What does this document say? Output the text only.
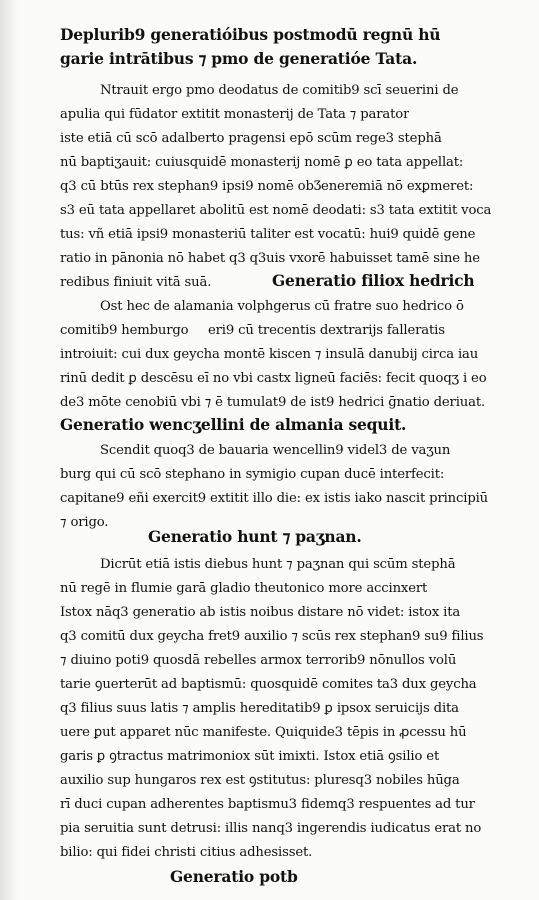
Deplurib9 generatióibus postmodū regnū hū
garie intrātibus ⁊ pmo de generatióe Tata.
Ntrauit ergo pmo deodatus de comitib9 scī seuerini de
apulia qui fūdator extitit monasterij de Tata ⁊ parator
iste etiā cū scō adalberto pragensi epō scūm rege3 stephā
nū baptiʒauit: cuiusquidē monasterij nomē ꝑ eo tata appellat:
q3 cū btūs rex stephan9 ipsi9 nomē obƷeneremiā nō exꝑmeret:
s3 eū tata appellaret abolitū est nomē deodati: s3 tata extitit voca
tus: vñ etiā ipsi9 monasteriū taliter est vocatū: hui9 quidē gene
ratio in pānonia nō habet q3 q3uis vxorē habuisset tamē sine he
redibus finiuit vitā suā.	Generatio filiox hedrich
Ost hec de alamania volphgerus cū fratre suo hedrico ō
comitib9 hemburgo eri9 cū trecentis dextrarijs falleratis
introiuit: cui dux geycha montē kiscen ⁊ insulā danubij circa iau
rinū dedit ꝑ descēsu eī no vbi castx ligneū faciēs: fecit quoqʒ i eo
de3 mōte cenobiū vbi ⁊ ē tumulat9 de ist9 hedrici ḡnatio deriuat.
Generatio wencʒellini de almania sequit.
Scendit quoq3 de bauaria wencellin9 videl3 de vaʒun
burg qui cū scō stephano in symigio cupan ducē interfecit:
capitane9 eñi exercit9 extitit illo die: ex istis iako nascit principiū
⁊ origo.
Generatio hunt ⁊ paʒnan.
Dicrūt etiā istis diebus hunt ⁊ paʒnan qui scūm stephā
nū regē in flumie garā gladio theutonico more accinxert
Istox nāq3 generatio ab istis noibus distare nō videt: istox ita
q3 comitū dux geycha fret9 auxilio ⁊ scūs rex stephan9 su9 filius
⁊ diuino poti9 quosdā rebelles armox terrorib9 nōnullos volū
tarie ꝯuerterūt ad baptismū: quosquidē comites ta3 dux geycha
q3 filius suus latis ⁊ amplis hereditatib9 ꝑ ipsox seruicijs dita
uere ꝑut apparet nūc manifeste. Quiquide3 tēpis in ꝓcessu hū
garis ꝑ ꝯtractus matrimoniox sūt imixti. Istox etiā ꝯsilio et
auxilio sup hungaros rex est ꝯstitutus: pluresq3 nobiles hūga
rī duci cupan adherentes baptismu3 fidemq3 respuentes ad tur
pia seruitia sunt detrusi: illis nanq3 ingerendis iudicatus erat no
bilio: qui fidei christi citius adhesisset.
Generatio potb
